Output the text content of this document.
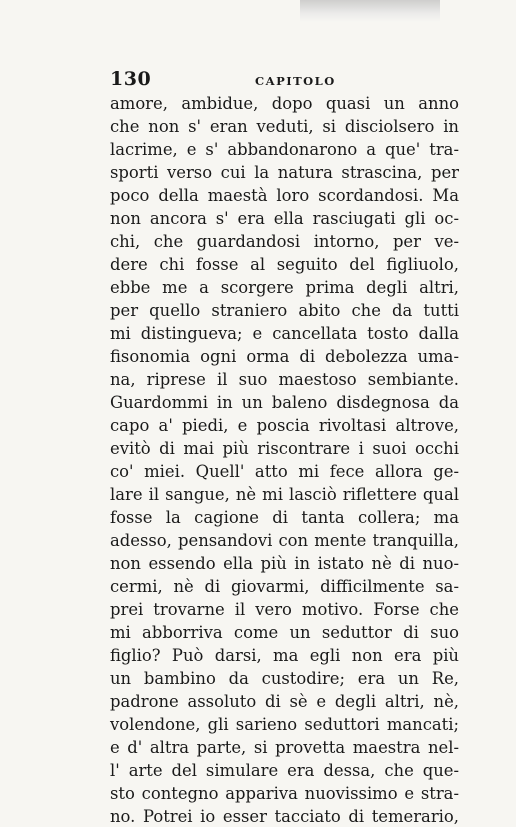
130	CAPITOLO
amore, ambidue, dopo quasi un anno
che non s' eran veduti, si disciolsero in
lacrime, e s' abbandonarono a que' tra-
sporti verso cui la natura strascina, per
poco della maestà loro scordandosi. Ma
non ancora s' era ella rasciugati gli oc-
chi, che guardandosi intorno, per ve-
dere chi fosse al seguito del figliuolo,
ebbe me a scorgere prima degli altri,
per quello straniero abito che da tutti
mi distingueva; e cancellata tosto dalla
fisonomia ogni orma di debolezza uma-
na, riprese il suo maestoso sembiante.
Guardommi in un baleno disdegnosa da
capo a' piedi, e poscia rivoltasi altrove,
evitò di mai più riscontrare i suoi occhi
co' miei. Quell' atto mi fece allora ge-
lare il sangue, nè mi lasciò riflettere qual
fosse la cagione di tanta collera; ma
adesso, pensandovi con mente tranquilla,
non essendo ella più in istato nè di nuo-
cermi, nè di giovarmi, difficilmente sa-
prei trovarne il vero motivo. Forse che
mi abborriva come un seduttor di suo
figlio? Può darsi, ma egli non era più
un bambino da custodire; era un Re,
padrone assoluto di sè e degli altri, nè,
volendone, gli sarieno seduttori mancati;
e d' altra parte, si provetta maestra nel-
l' arte del simulare era dessa, che que-
sto contegno appariva nuovissimo e stra-
no. Potrei io esser tacciato di temerario,
